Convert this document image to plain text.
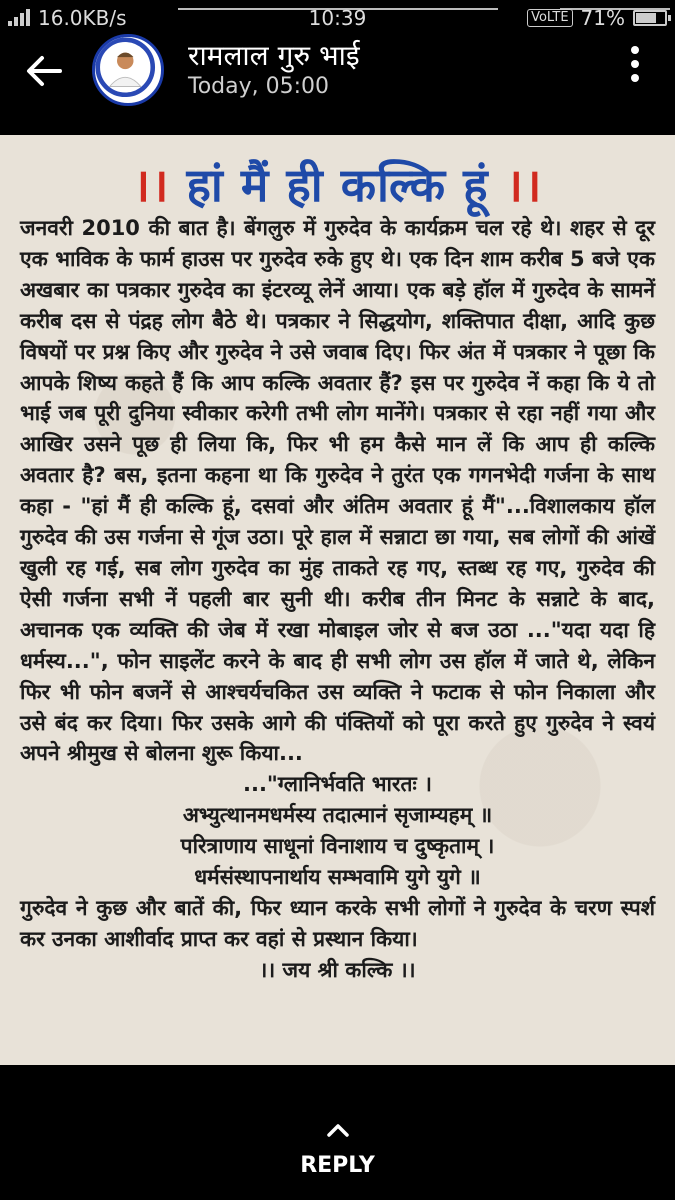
16.0KB/s	10:39	VoLTE 71%
रामलाल गुरु भाई
Today, 05:00
।। हां मैं ही कल्कि हूं ।।

जनवरी 2010 की बात है। बेंगलुरु में गुरुदेव के कार्यक्रम चल रहे थे। शहर से दूर एक भाविक के फार्म हाउस पर गुरुदेव रुके हुए थे। एक दिन शाम करीब 5 बजे एक अखबार का पत्रकार गुरुदेव का इंटरव्यू लेनें आया। एक बड़े हॉल में गुरुदेव के सामनें करीब दस से पंद्रह लोग बैठे थे। पत्रकार ने सिद्धयोग, शक्तिपात दीक्षा, आदि कुछ विषयों पर प्रश्न किए और गुरुदेव ने उसे जवाब दिए। फिर अंत में पत्रकार ने पूछा कि आपके शिष्य कहते हैं कि आप कल्कि अवतार हैं? इस पर गुरुदेव नें कहा कि ये तो भाई जब पूरी दुनिया स्वीकार करेगी तभी लोग मानेंगे। पत्रकार से रहा नहीं गया और आखिर उसने पूछ ही लिया कि, फिर भी हम कैसे मान लें कि आप ही कल्कि अवतार है? बस, इतना कहना था कि गुरुदेव ने तुरंत एक गगनभेदी गर्जना के साथ कहा - "हां मैं ही कल्कि हूं, दसवां और अंतिम अवतार हूं मैं"...विशालकाय हॉल गुरुदेव की उस गर्जना से गूंज उठा। पूरे हाल में सन्नाटा छा गया, सब लोगों की आंखें खुली रह गई, सब लोग गुरुदेव का मुंह ताकते रह गए, स्तब्ध रह गए, गुरुदेव की ऐसी गर्जना सभी नें पहली बार सुनी थी। करीब तीन मिनट के सन्नाटे के बाद, अचानक एक व्यक्ति की जेब में रखा मोबाइल जोर से बज उठा ..."यदा यदा हि धर्मस्य...", फोन साइलेंट करने के बाद ही सभी लोग उस हॉल में जाते थे, लेकिन फिर भी फोन बजनें से आश्चर्यचकित उस व्यक्ति ने फटाक से फोन निकाला और उसे बंद कर दिया। फिर उसके आगे की पंक्तियों को पूरा करते हुए गुरुदेव ने स्वयं अपने श्रीमुख से बोलना शुरू किया...

..."ग्लानिर्भवति भारतः ।

अभ्युत्थानमधर्मस्य तदात्मानं सृजाम्यहम् ॥

परित्राणाय साधूनां विनाशाय च दुष्कृताम् ।

धर्मसंस्थापनार्थाय सम्भवामि युगे युगे ॥

गुरुदेव ने कुछ और बातें की, फिर ध्यान करके सभी लोगों ने गुरुदेव के चरण स्पर्श कर उनका आशीर्वाद प्राप्त कर वहां से प्रस्थान किया।

।। जय श्री कल्कि ।।

REPLY
